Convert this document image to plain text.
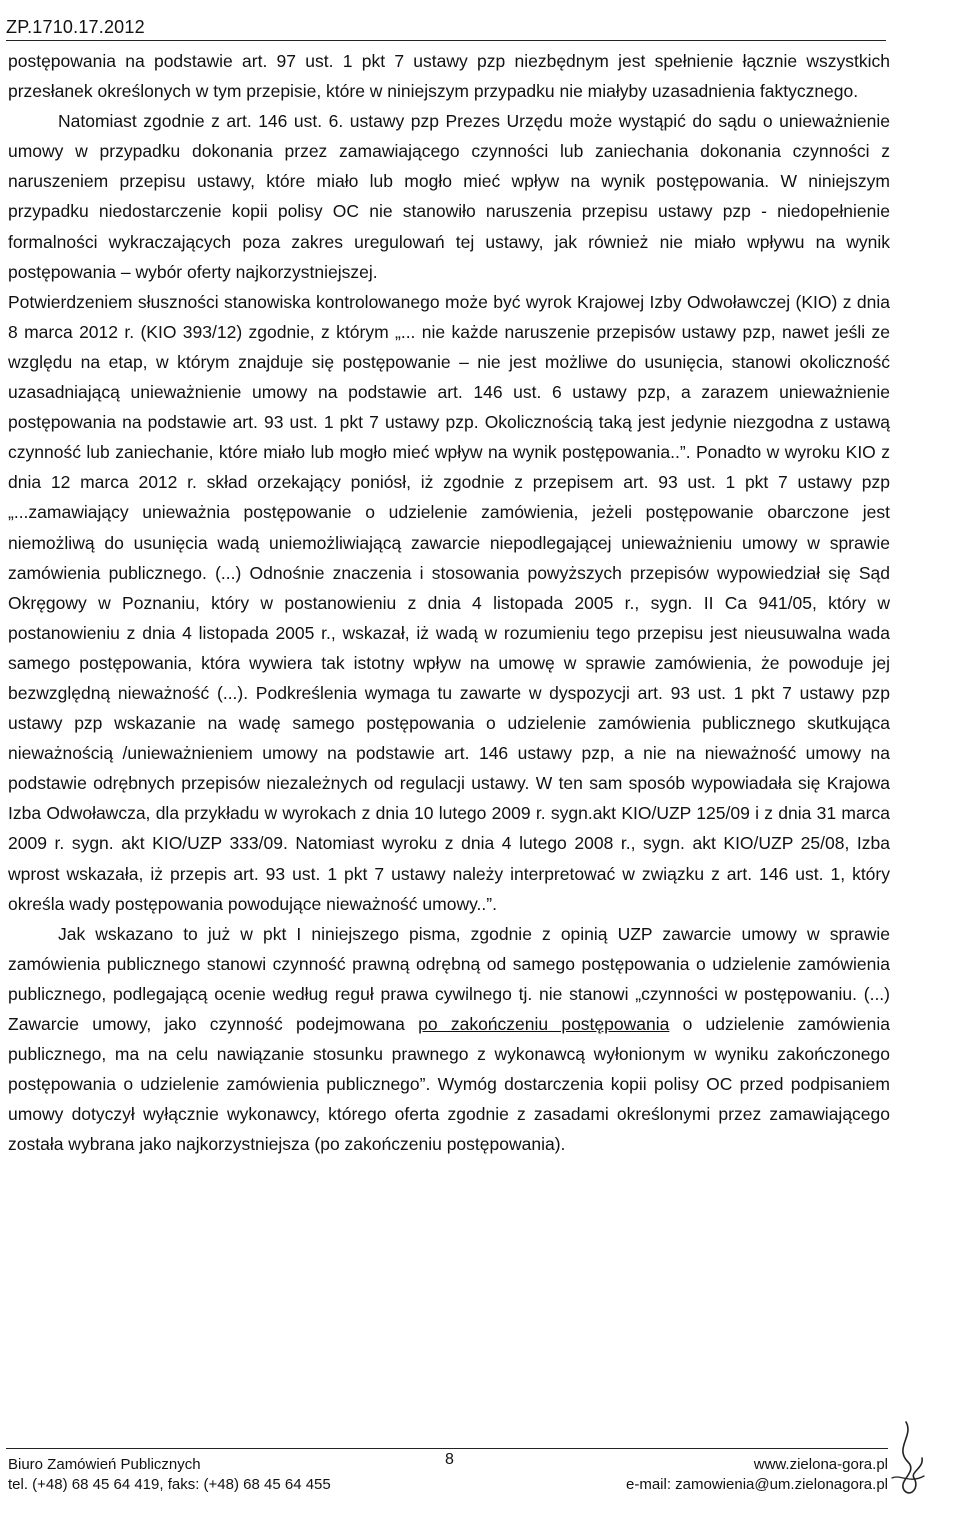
ZP.1710.17.2012

postępowania na podstawie art. 97 ust. 1 pkt 7 ustawy pzp niezbędnym jest spełnienie łącznie wszystkich przesłanek określonych w tym przepisie, które w niniejszym przypadku nie miałyby uzasadnienia faktycznego.

Natomiast zgodnie z art. 146 ust. 6. ustawy pzp Prezes Urzędu może wystąpić do sądu o unieważnienie umowy w przypadku dokonania przez zamawiającego czynności lub zaniechania dokonania czynności z naruszeniem przepisu ustawy, które miało lub mogło mieć wpływ na wynik postępowania. W niniejszym przypadku niedostarczenie kopii polisy OC nie stanowiło naruszenia przepisu ustawy pzp - niedopełnienie formalności wykraczających poza zakres uregulowań tej ustawy, jak również nie miało wpływu na wynik postępowania – wybór oferty najkorzystniejszej.

Potwierdzeniem słuszności stanowiska kontrolowanego może być wyrok Krajowej Izby Odwoławczej (KIO) z dnia 8 marca 2012 r. (KIO 393/12) zgodnie, z którym „... nie każde naruszenie przepisów ustawy pzp, nawet jeśli ze względu na etap, w którym znajduje się postępowanie – nie jest możliwe do usunięcia, stanowi okoliczność uzasadniającą unieważnienie umowy na podstawie art. 146 ust. 6 ustawy pzp, a zarazem unieważnienie postępowania na podstawie art. 93 ust. 1 pkt 7 ustawy pzp. Okolicznością taką jest jedynie niezgodna z ustawą czynność lub zaniechanie, które miało lub mogło mieć wpływ na wynik postępowania..”. Ponadto w wyroku KIO z dnia 12 marca 2012 r. skład orzekający poniósł, iż zgodnie z przepisem art. 93 ust. 1 pkt 7 ustawy pzp „...zamawiający unieważnia postępowanie o udzielenie zamówienia, jeżeli postępowanie obarczone jest niemożliwą do usunięcia wadą uniemożliwiającą zawarcie niepodlegającej unieważnieniu umowy w sprawie zamówienia publicznego. (...) Odnośnie znaczenia i stosowania powyższych przepisów wypowiedział się Sąd Okręgowy w Poznaniu, który w postanowieniu z dnia 4 listopada 2005 r., sygn. II Ca 941/05, który w postanowieniu z dnia 4 listopada 2005 r., wskazał, iż wadą w rozumieniu tego przepisu jest nieusuwalna wada samego postępowania, która wywiera tak istotny wpływ na umowę w sprawie zamówienia, że powoduje jej bezwzględną nieważność (...). Podkreślenia wymaga tu zawarte w dyspozycji art. 93 ust. 1 pkt 7 ustawy pzp ustawy pzp wskazanie na wadę samego postępowania o udzielenie zamówienia publicznego skutkująca nieważnością /unieważnieniem umowy na podstawie art. 146 ustawy pzp, a nie na nieważność umowy na podstawie odrębnych przepisów niezależnych od regulacji ustawy. W ten sam sposób wypowiadała się Krajowa Izba Odwoławcza, dla przykładu w wyrokach z dnia 10 lutego 2009 r. sygn.akt KIO/UZP 125/09 i z dnia 31 marca 2009 r. sygn. akt KIO/UZP 333/09. Natomiast wyroku z dnia 4 lutego 2008 r., sygn. akt KIO/UZP 25/08, Izba wprost wskazała, iż przepis art. 93 ust. 1 pkt 7 ustawy należy interpretować w związku z art. 146 ust. 1, który określa wady postępowania powodujące nieważność umowy..”.

Jak wskazano to już w pkt I niniejszego pisma, zgodnie z opinią UZP zawarcie umowy w sprawie zamówienia publicznego stanowi czynność prawną odrębną od samego postępowania o udzielenie zamówienia publicznego, podlegającą ocenie według reguł prawa cywilnego tj. nie stanowi „czynności w postępowaniu. (...) Zawarcie umowy, jako czynność podejmowana po zakończeniu postępowania o udzielenie zamówienia publicznego, ma na celu nawiązanie stosunku prawnego z wykonawcą wyłonionym w wyniku zakończonego postępowania o udzielenie zamówienia publicznego”. Wymóg dostarczenia kopii polisy OC przed podpisaniem umowy dotyczył wyłącznie wykonawcy, którego oferta zgodnie z zasadami określonymi przez zamawiającego została wybrana jako najkorzystniejsza (po zakończeniu postępowania).

Biuro Zamówień Publicznych
tel. (+48) 68 45 64 419, faks: (+48) 68 45 64 455
8	www.zielona-gora.pl
e-mail: zamowienia@um.zielonagora.pl
